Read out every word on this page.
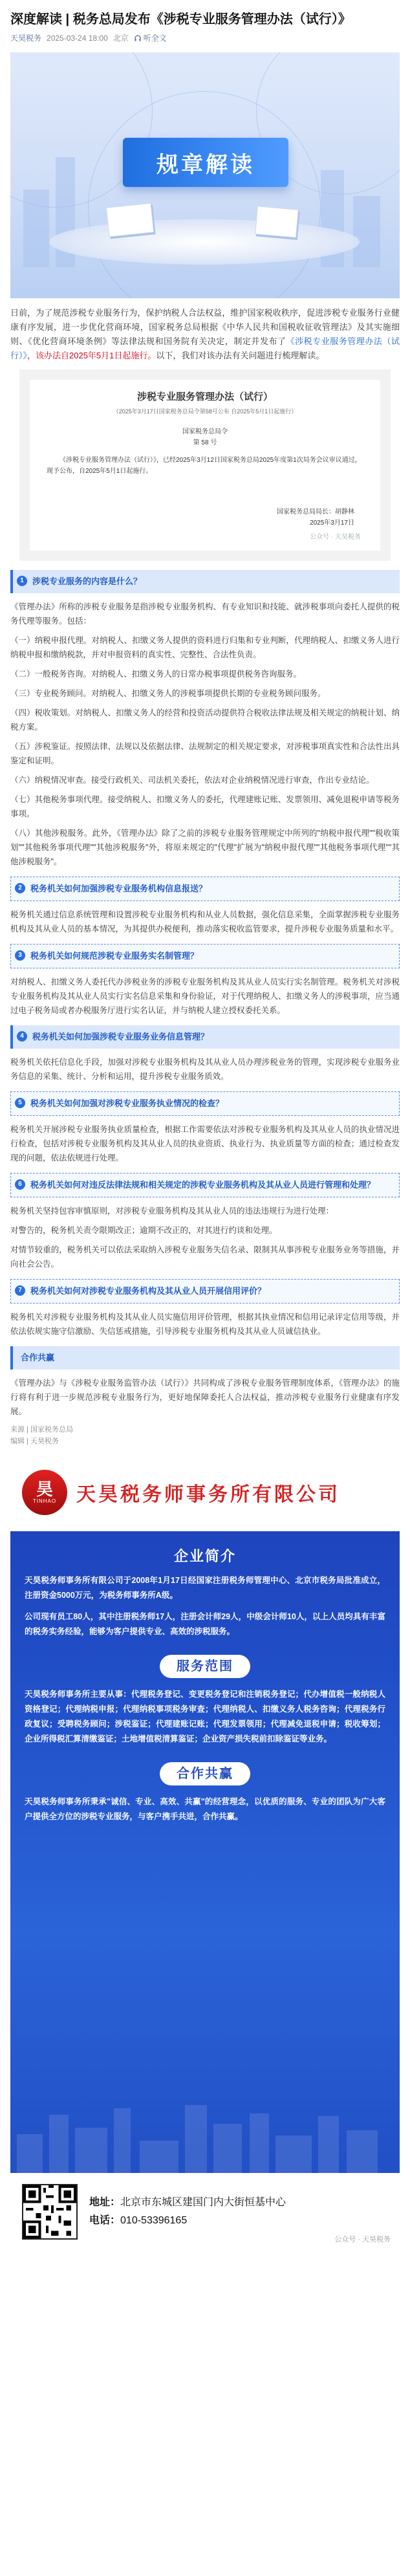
深度解读 | 税务总局发布《涉税专业服务管理办法（试行）》
天昊税务 2025-03-24 18:00 北京 听全文
规章解读

日前，为了规范涉税专业服务行为，保护纳税人合法权益，维护国家税收秩序，促进涉税专业服务行业健康有序发展，进一步优化营商环境，国家税务总局根据《中华人民共和国税收征收管理法》及其实施细则、《优化营商环境条例》等法律法规和国务院有关决定，制定并发布了《涉税专业服务管理办法（试行）》，该办法自2025年5月1日起施行。以下，我们对该办法有关问题进行梳理解读。

涉税专业服务管理办法（试行）
（2025年3月17日国家税务总局令第58号公布 自2025年5月1日起施行）
国家税务总局令
第 58 号
《涉税专业服务管理办法（试行）》，已经2025年3月12日国家税务总局2025年度第1次局务会议审议通过，现予公布，自2025年5月1日起施行。
国家税务总局局长：胡静林
2025年3月17日
公众号 · 天昊税务
1	涉税专业服务的内容是什么？

《管理办法》所称的涉税专业服务是指涉税专业服务机构、有专业知识和技能、就涉税事项向委托人提供的税务代理等服务。包括：

（一）纳税申报代理。对纳税人、扣缴义务人提供的资料进行归集和专业判断，代理纳税人、扣缴义务人进行纳税申报和缴纳税款，并对申报资料的真实性、完整性、合法性负责。

（二）一般税务咨询。对纳税人、扣缴义务人的日常办税事项提供税务咨询服务。

（三）专业税务顾问。对纳税人、扣缴义务人的涉税事项提供长期的专业税务顾问服务。

（四）税收策划。对纳税人、扣缴义务人的经营和投资活动提供符合税收法律法规及相关规定的纳税计划、纳税方案。

（五）涉税鉴证。按照法律、法规以及依据法律、法规制定的相关规定要求，对涉税事项真实性和合法性出具鉴定和证明。

（六）纳税情况审查。接受行政机关、司法机关委托，依法对企业纳税情况进行审查，作出专业结论。

（七）其他税务事项代理。接受纳税人、扣缴义务人的委托，代理建账记账、发票领用、减免退税申请等税务事项。

（八）其他涉税服务。此外，《管理办法》除了之前的涉税专业服务管理规定中所列的"纳税申报代理""税收策划""其他税务事项代理""其他涉税服务"外，将原来规定的"代理"扩展为"纳税申报代理""其他税务事项代理""其他涉税服务"。

2	税务机关如何加强涉税专业服务机构信息报送？

税务机关通过信息系统管理和设置涉税专业服务机构和从业人员数据，强化信息采集，全面掌握涉税专业服务机构及其从业人员的基本情况，为其提供办税便利，推动落实税收监管要求，提升涉税专业服务质量和水平。

3	税务机关如何规范涉税专业服务实名制管理？

对纳税人、扣缴义务人委托代办涉税业务的涉税专业服务机构及其从业人员实行实名制管理。税务机关对涉税专业服务机构及其从业人员实行实名信息采集和身份验证，对于代理纳税人、扣缴义务人的涉税事项，应当通过电子税务局或者办税服务厅进行实名认证，并与纳税人建立授权委托关系。

4	税务机关如何加强涉税专业服务业务信息管理？

税务机关依托信息化手段，加强对涉税专业服务机构及其从业人员办理涉税业务的管理，实现涉税专业服务业务信息的采集、统计、分析和运用，提升涉税专业服务质效。

5	税务机关如何加强对涉税专业服务执业情况的检查？

税务机关开展涉税专业服务执业质量检查，根据工作需要依法对涉税专业服务机构及其从业人员的执业情况进行检查，包括对涉税专业服务机构及其从业人员的执业资质、执业行为、执业质量等方面的检查；通过检查发现的问题，依法依规进行处理。

6	税务机关如何对违反法律法规和相关规定的涉税专业服务机构及其从业人员进行管理和处理？

税务机关坚持包容审慎原则，对涉税专业服务机构及其从业人员的违法违规行为进行处理：

对警告的，税务机关责令限期改正；逾期不改正的，对其进行约谈和处理。

对情节较重的，税务机关可以依法采取纳入涉税专业服务失信名录、限制其从事涉税专业服务业务等措施，并向社会公告。

7	税务机关如何对涉税专业服务机构及其从业人员开展信用评价？

税务机关对涉税专业服务机构及其从业人员实施信用评价管理，根据其执业情况和信用记录评定信用等级，并依法依规实施守信激励、失信惩戒措施，引导涉税专业服务机构及其从业人员诚信执业。

合作共赢

《管理办法》与《涉税专业服务监管办法（试行）》共同构成了涉税专业服务管理制度体系，《管理办法》的施行将有利于进一步规范涉税专业服务行为，更好地保障委托人合法权益，推动涉税专业服务行业健康有序发展。

来源 | 国家税务总局
编辑 | 天昊税务
昊
TINHAO 天昊税务师事务所有限公司
企业简介

天昊税务师事务所有限公司于2008年1月17日经国家注册税务师管理中心、北京市税务局批准成立，注册资金5000万元，为税务师事务所A级。

公司现有员工80人，其中注册税务师17人，注册会计师29人，中级会计师10人，以上人员均具有丰富的税务实务经验，能够为客户提供专业、高效的涉税服务。

服务范围

天昊税务师事务所主要从事：代理税务登记、变更税务登记和注销税务登记；代办增值税一般纳税人资格登记；代理纳税申报；代理纳税事项税务审查；代理纳税人、扣缴义务人税务咨询；代理税务行政复议；受聘税务顾问；涉税鉴证；代理建账记账；代理发票领用；代理减免退税申请；税收筹划；企业所得税汇算清缴鉴证；土地增值税清算鉴证；企业资产损失税前扣除鉴证等业务。

合作共赢

天昊税务师事务所秉承"诚信、专业、高效、共赢"的经营理念，以优质的服务、专业的团队为广大客户提供全方位的涉税专业服务，与客户携手共进，合作共赢。

地址：北京市东城区建国门内大街恒基中心
电话：010-53396165
公众号 · 天昊税务
